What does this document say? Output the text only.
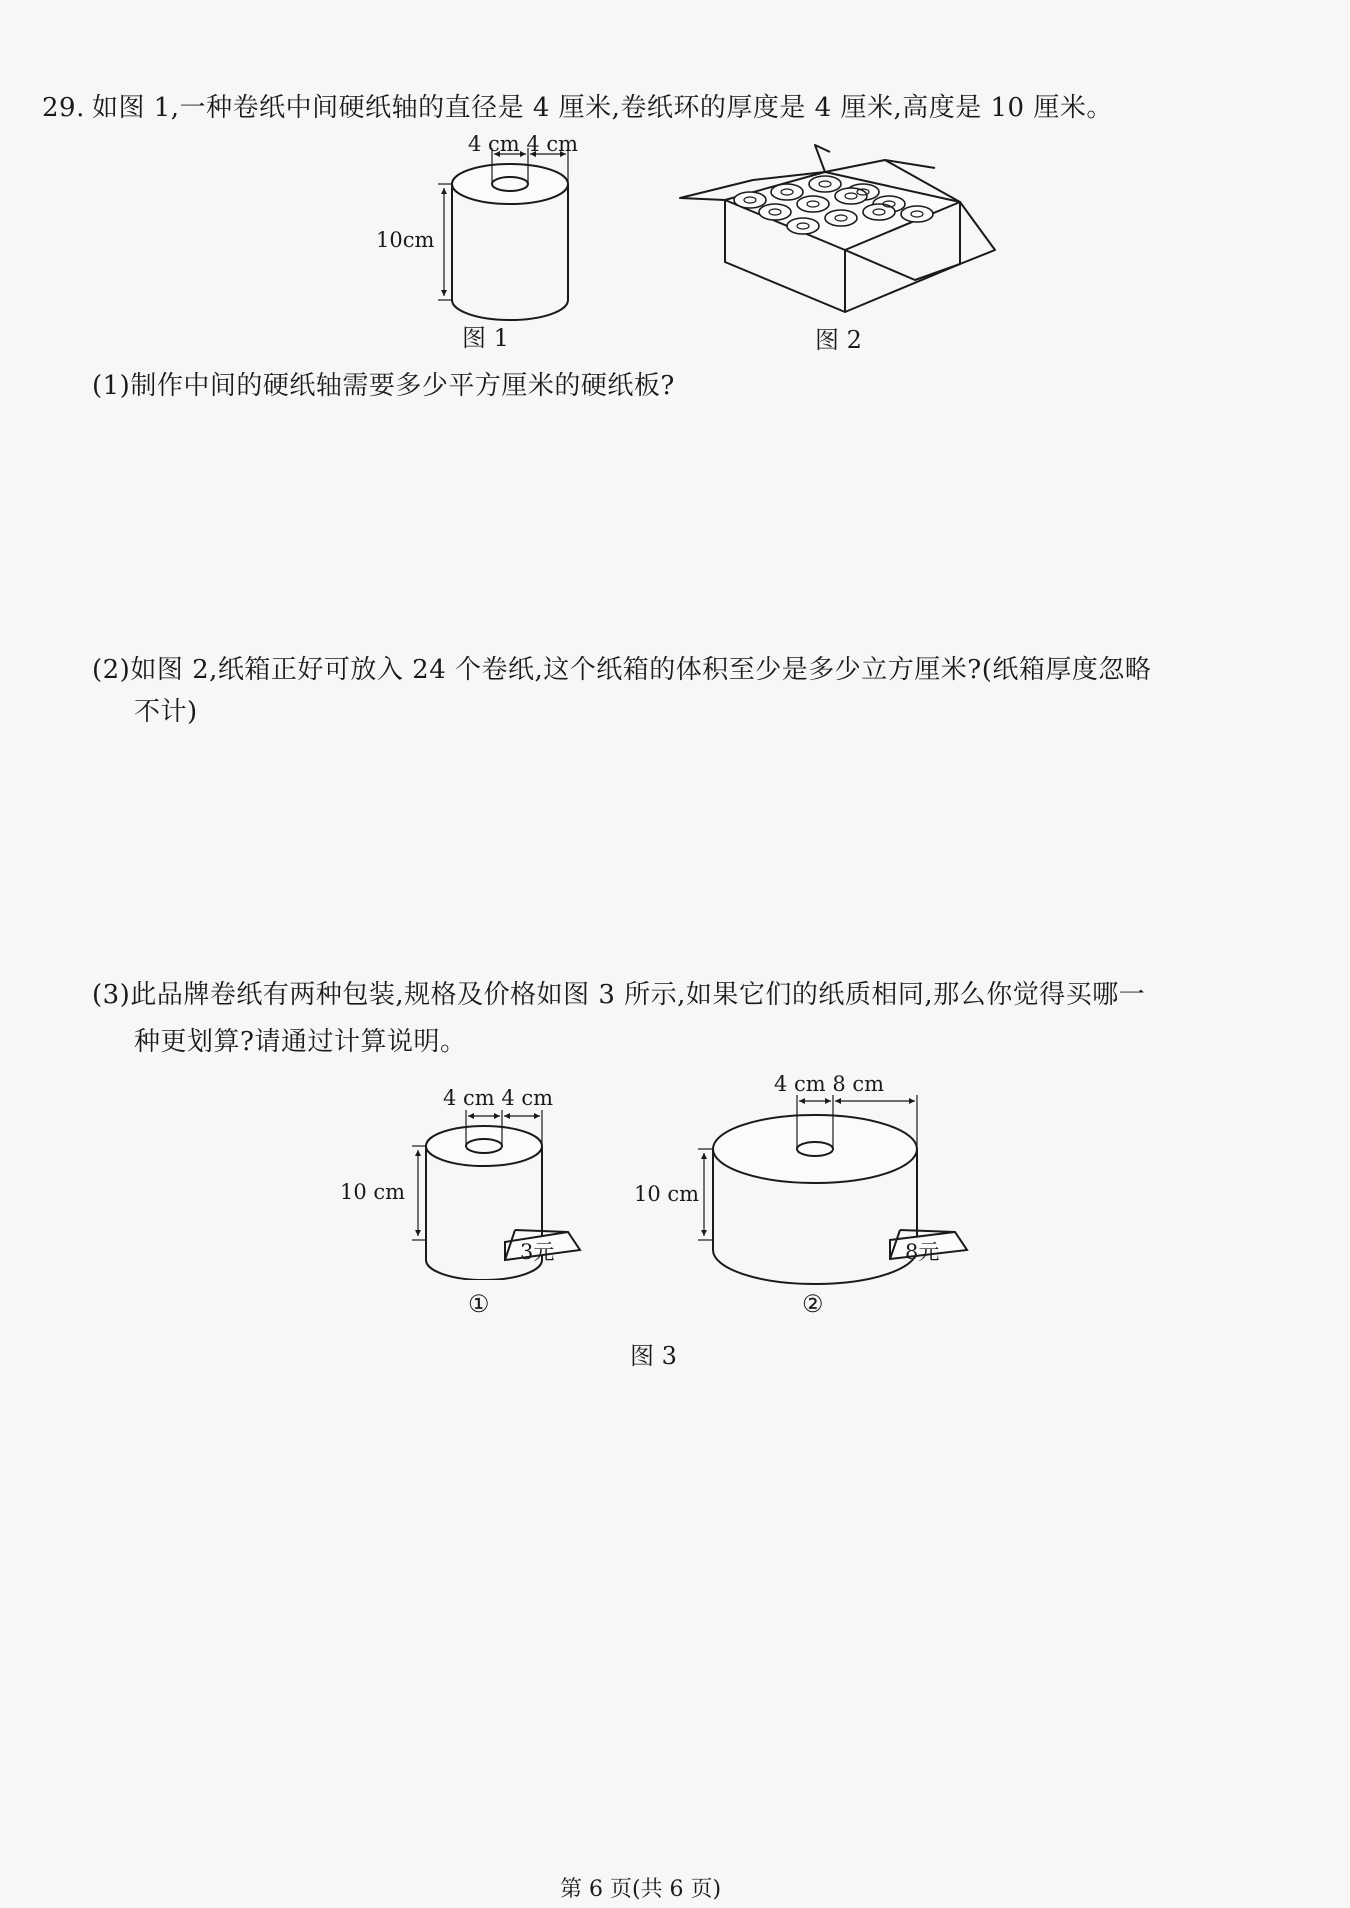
29. 如图 1,一种卷纸中间硬纸轴的直径是 4 厘米,卷纸环的厚度是 4 厘米,高度是 10 厘米。
4 cm 4 cm
10cm
图 1	图 2
(1)制作中间的硬纸轴需要多少平方厘米的硬纸板?
(2)如图 2,纸箱正好可放入 24 个卷纸,这个纸箱的体积至少是多少立方厘米?(纸箱厚度忽略
不计)
(3)此品牌卷纸有两种包装,规格及价格如图 3 所示,如果它们的纸质相同,那么你觉得买哪一
种更划算?请通过计算说明。
4 cm 4 cm
10 cm
3元
①
4 cm 8 cm
10 cm
8元
②
图 3
第 6 页(共 6 页)
